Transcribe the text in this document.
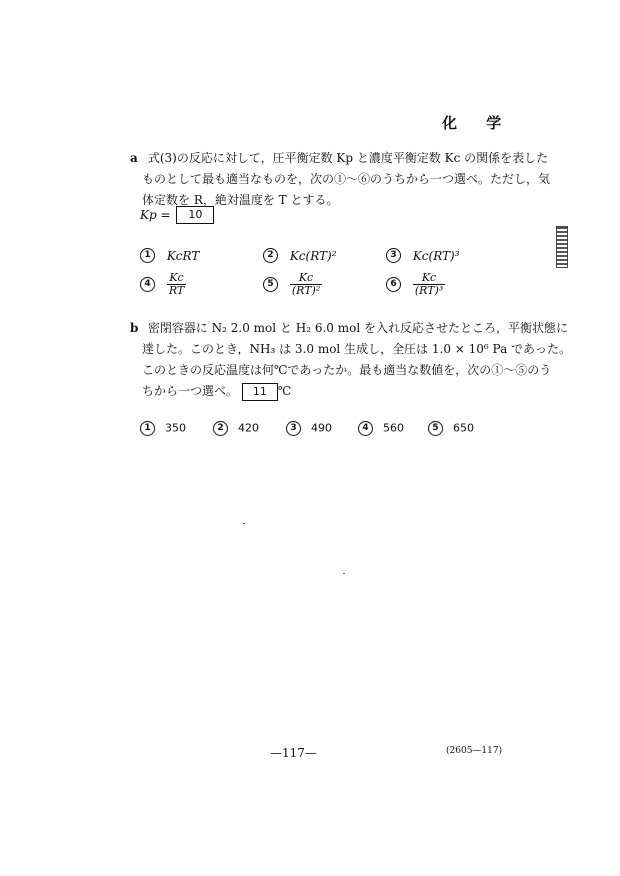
化 学
a 式(3)の反応に対して，圧平衡定数 Kp と濃度平衡定数 Kc の関係を表した
ものとして最も適当なものを，次の①～⑥のうちから一つ選べ。ただし，気
体定数を R，絶対温度を T とする。
Kp = 10
1 KcRT	2 Kc(RT)²	3 Kc(RT)³
$4 \frac{Kc}{RT}$	$5 \frac{Kc}{\text{(RT)²}}$	$6 \frac{Kc}{\text{(RT)³}}$
b 密閉容器に N₂ 2.0 mol と H₂ 6.0 mol を入れ反応させたところ，平衡状態に
達した。このとき，NH₃ は 3.0 mol 生成し，全圧は 1.0 × 10⁶ Pa であった。
このときの反応温度は何℃であったか。最も適当な数値を，次の①～⑤のう
ちから一つ選べ。 11 ℃
1 350	2 420	3 490	4 560	5 650
—117—	(2605—117)
